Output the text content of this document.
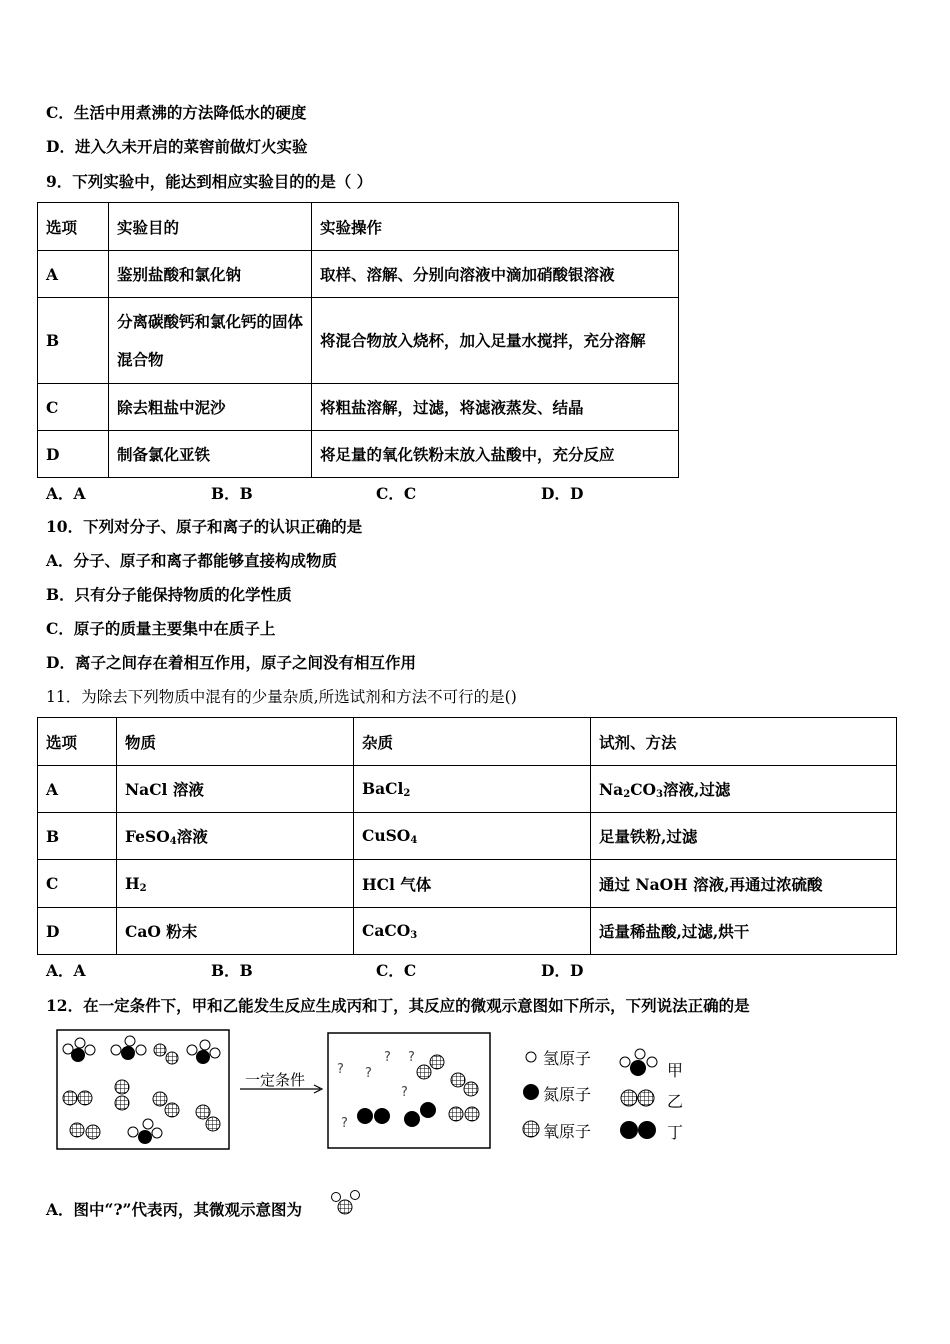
C．生活中用煮沸的方法降低水的硬度
D．进入久未开启的菜窖前做灯火实验
9．下列实验中，能达到相应实验目的的是（ ）
选项	实验目的	实验操作
A	鉴别盐酸和氯化钠	取样、溶解、分别向溶液中滴加硝酸银溶液
B	分离碳酸钙和氯化钙的固体混合物	将混合物放入烧杯，加入足量水搅拌，充分溶解
C	除去粗盐中泥沙	将粗盐溶解，过滤，将滤液蒸发、结晶
D	制备氯化亚铁	将足量的氧化铁粉末放入盐酸中，充分反应
A．A	B．B	C．C	D．D
10．下列对分子、原子和离子的认识正确的是
A．分子、原子和离子都能够直接构成物质
B．只有分子能保持物质的化学性质
C．原子的质量主要集中在质子上
D．离子之间存在着相互作用，原子之间没有相互作用
11．为除去下列物质中混有的少量杂质,所选试剂和方法不可行的是()
选项	物质	杂质	试剂、方法
A	NaCl 溶液	BaCl$_2$	$Na_2CO_3$溶液,过滤
B	FeSO$_4$溶液	CuSO$_4$	足量铁粉,过滤
C	$H_2$	HCl 气体	通过 NaOH 溶液,再通过浓硫酸
D	CaO 粉末	CaCO$_3$	适量稀盐酸,过滤,烘干
A．A	B．B	C．C	D．D
12．在一定条件下，甲和乙能发生反应生成丙和丁，其反应的微观示意图如下所示，下列说法正确的是
? ?
? ?
?
?
一定条件
氢原子
氮原子
氧原子
甲
乙
丁
A．图中“?”代表丙，其微观示意图为
